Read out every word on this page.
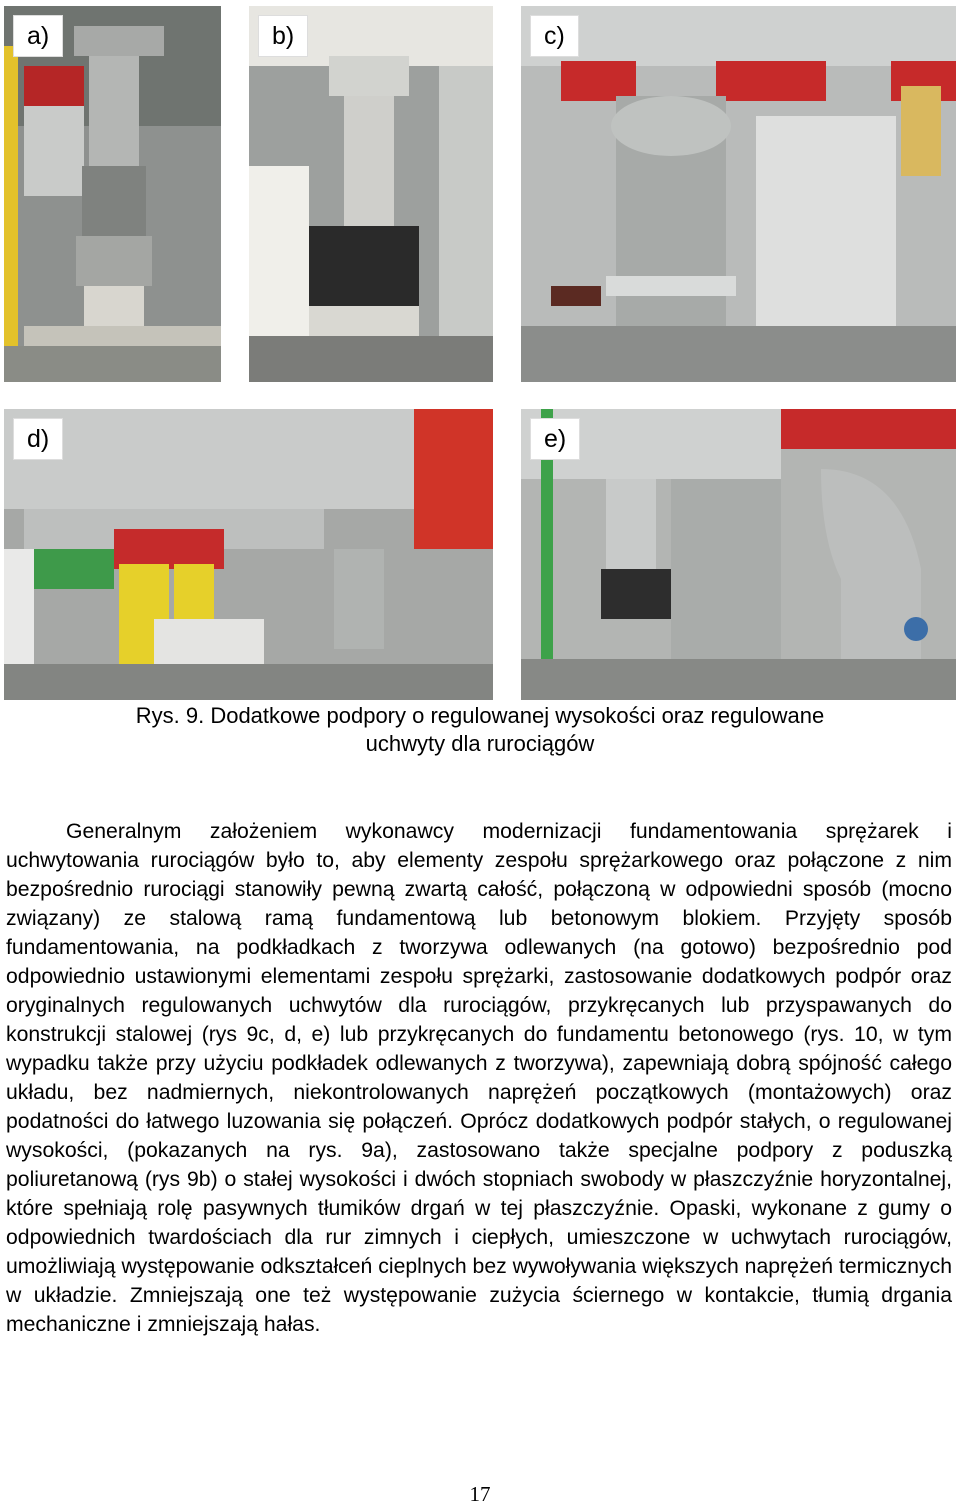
a)	b)	c)
d)	e)
Rys. 9. Dodatkowe podpory o regulowanej wysokości oraz regulowane
uchwyty dla rurociągów

Generalnym założeniem wykonawcy modernizacji fundamentowania sprężarek i uchwytowania rurociągów było to, aby elementy zespołu sprężarkowego oraz połączone z nim bezpośrednio rurociągi stanowiły pewną zwartą całość, połączoną w odpowiedni sposób (mocno związany) ze stalową ramą fundamentową lub betonowym blokiem. Przyjęty sposób fundamentowania, na podkładkach z tworzywa odlewanych (na gotowo) bezpośrednio pod odpowiednio ustawionymi elementami zespołu sprężarki, zastosowanie dodatkowych podpór oraz oryginalnych regulowanych uchwytów dla rurociągów, przykręcanych lub przyspawanych do konstrukcji stalowej (rys 9c, d, e) lub przykręcanych do fundamentu betonowego (rys. 10, w tym wypadku także przy użyciu podkładek odlewanych z tworzywa), zapewniają dobrą spójność całego układu, bez nadmiernych, niekontrolowanych naprężeń początkowych (montażowych) oraz podatności do łatwego luzowania się połączeń. Oprócz dodatkowych podpór stałych, o regulowanej wysokości, (pokazanych na rys. 9a), zastosowano także specjalne podpory z poduszką poliuretanową (rys 9b) o stałej wysokości i dwóch stopniach swobody w płaszczyźnie horyzontalnej, które spełniają rolę pasywnych tłumików drgań w tej płaszczyźnie. Opaski, wykonane z gumy o odpowiednich twardościach dla rur zimnych i ciepłych, umieszczone w uchwytach rurociągów, umożliwiają występowanie odkształceń cieplnych bez wywoływania większych naprężeń termicznych w układzie. Zmniejszają one też występowanie zużycia ściernego w kontakcie, tłumią drgania mechaniczne i zmniejszają hałas.

17
